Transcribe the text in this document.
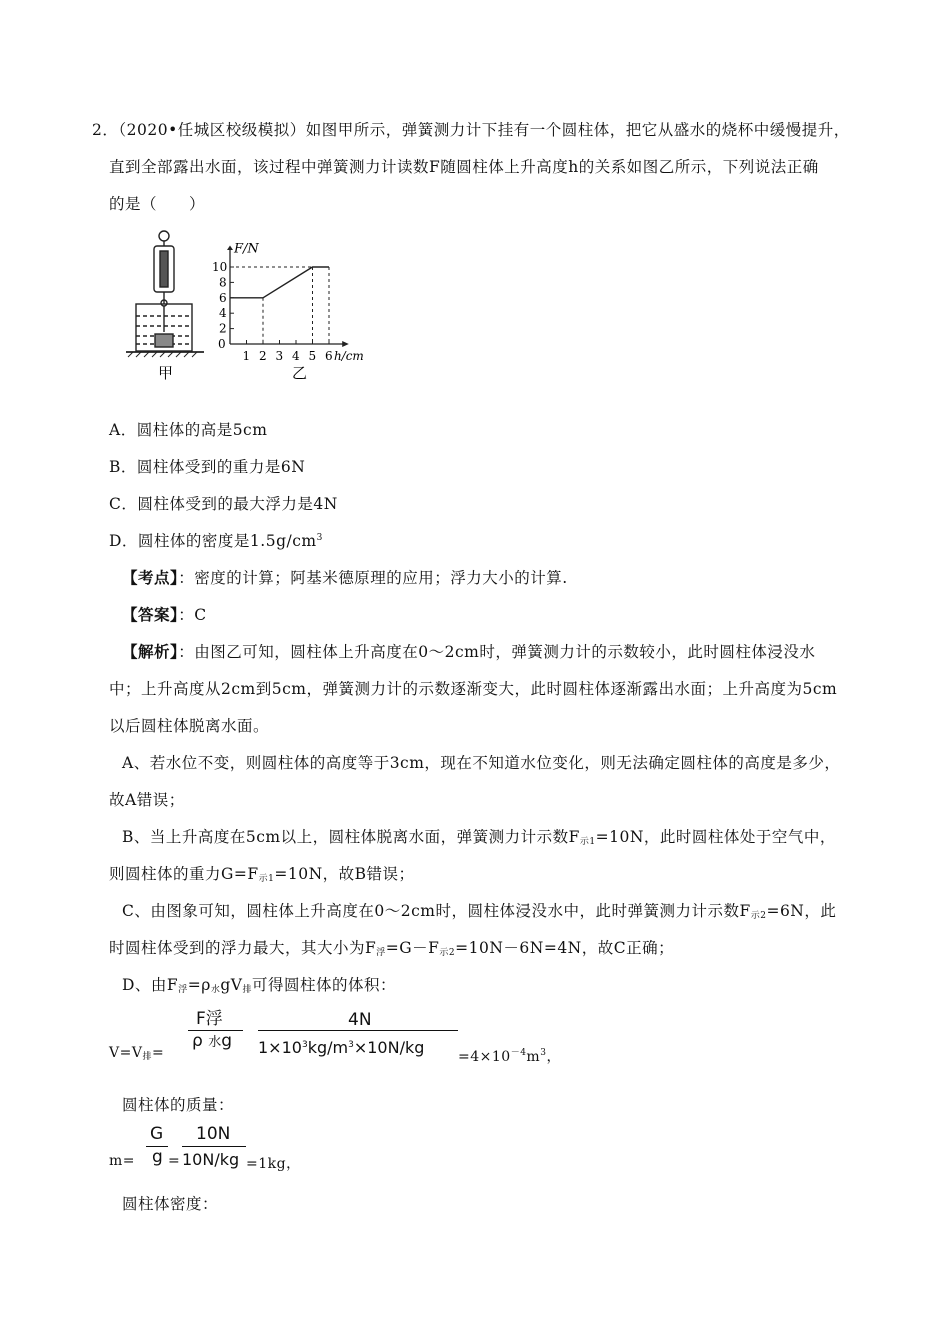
2．（2020•任城区校级模拟）如图甲所示，弹簧测力计下挂有一个圆柱体，把它从盛水的烧杯中缓慢提升，
直到全部露出水面，该过程中弹簧测力计读数F随圆柱体上升高度h的关系如图乙所示，下列说法正确
的是（　　）
甲
F/N
h/cm
0
2
4
6
8
10
1 2 3 4 5 6
乙
A．圆柱体的高是5cm
B．圆柱体受到的重力是6N
C．圆柱体受到的最大浮力是4N
D．圆柱体的密度是$1.5g/cm^3$
【考点】：密度的计算；阿基米德原理的应用；浮力大小的计算.
【答案】：C
【解析】：由图乙可知，圆柱体上升高度在0～2cm时，弹簧测力计的示数较小，此时圆柱体浸没水
中；上升高度从2cm到5cm，弹簧测力计的示数逐渐变大，此时圆柱体逐渐露出水面；上升高度为5cm
以后圆柱体脱离水面。
A、若水位不变，则圆柱体的高度等于3cm，现在不知道水位变化，则无法确定圆柱体的高度是多少，
故A错误；
B、当上升高度在5cm以上，圆柱体脱离水面，弹簧测力计示数$F_{示1}=10N$，此时圆柱体处于空气中，
则圆柱体的重力$G=F_{示1}=10N$，故B错误；
C、由图象可知，圆柱体上升高度在0～2cm时，圆柱体浸没水中，此时弹簧测力计示数$F_{示2}=6N$，此
时圆柱体受到的浮力最大，其大小为$F_浮=G-F_{示2}=10N-6N=4N$，故C正确；
D、由$F_浮=\rho_水gV_排$可得圆柱体的体积：
$V=V_排=$
F浮
ρ 水g
4N
$1\times 10^3kg/m^3\times 10N/kg =4\times 10^{-4}m^3$，
圆柱体的质量：
m=
G
g =
10N
10N/kg =1kg，
圆柱体密度：
